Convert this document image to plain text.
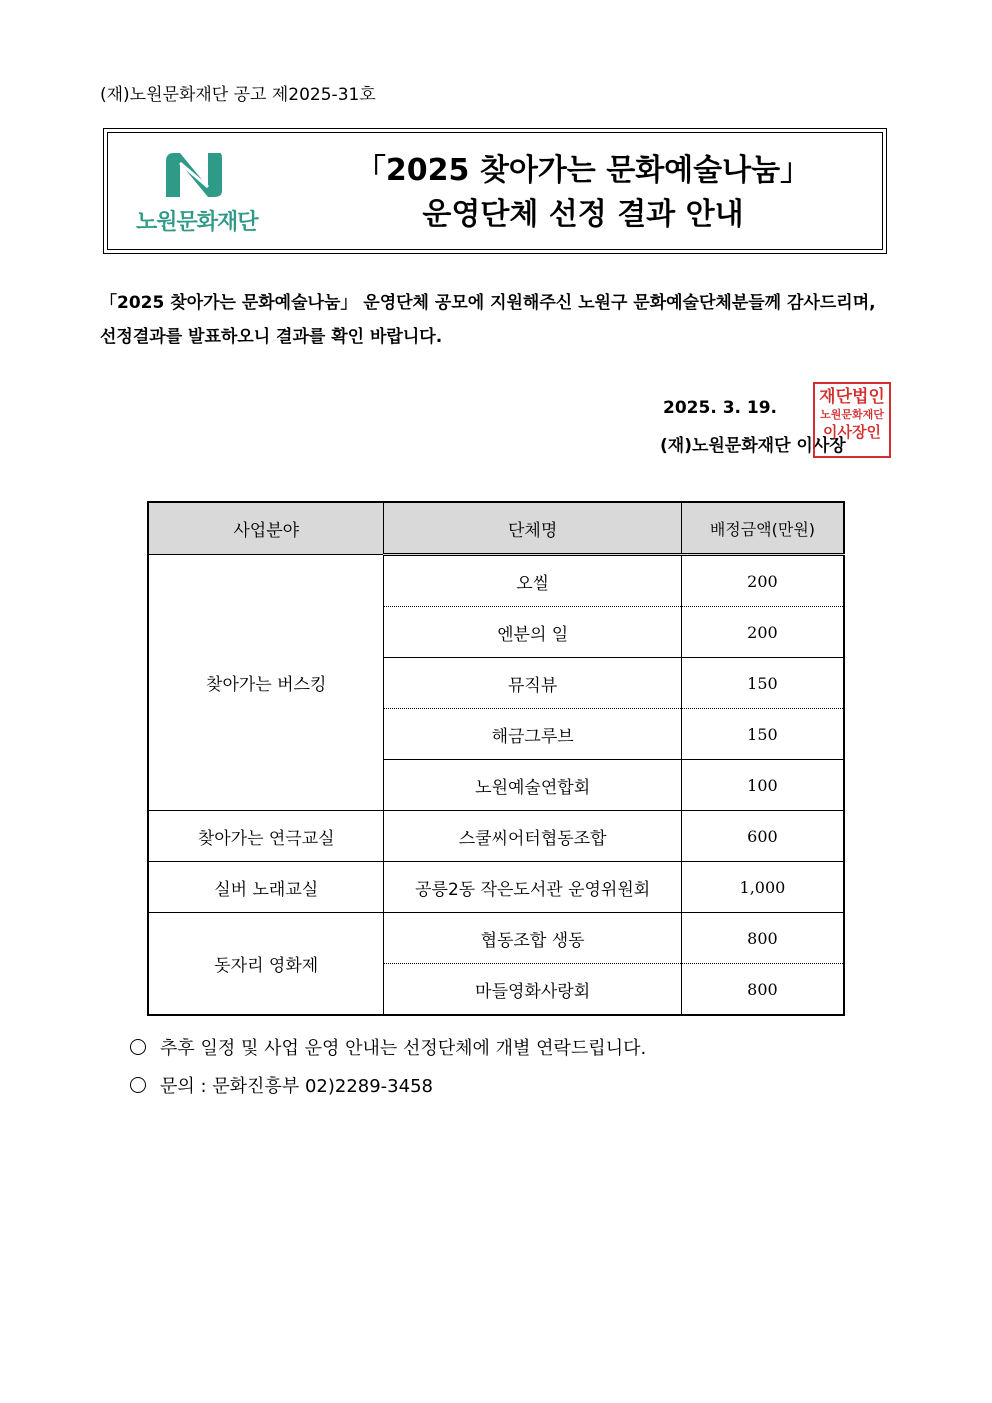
(재)노원문화재단 공고 제2025-31호
노원문화재단
「2025 찾아가는 문화예술나눔」
운영단체 선정 결과 안내
「2025 찾아가는 문화예술나눔」 운영단체 공모에 지원해주신 노원구 문화예술단체분들께 감사드리며, 선정결과를 발표하오니 결과를 확인 바랍니다.
2025. 3. 19.
(재)노원문화재단 이사장
재단법인
노원문화재단
이사장인
사업분야	단체명	배정금액(만원)
찾아가는 버스킹	오씰	200
	엔분의 일	200
	뮤직뷰	150
	해금그루브	150
	노원예술연합회	100
찾아가는 연극교실	스쿨씨어터협동조합	600
실버 노래교실	공릉2동 작은도서관 운영위원회	1,000
돗자리 영화제	협동조합 생동	800
	마들영화사랑회	800
추후 일정 및 사업 운영 안내는 선정단체에 개별 연락드립니다.
문의 : 문화진흥부 02)2289-3458
